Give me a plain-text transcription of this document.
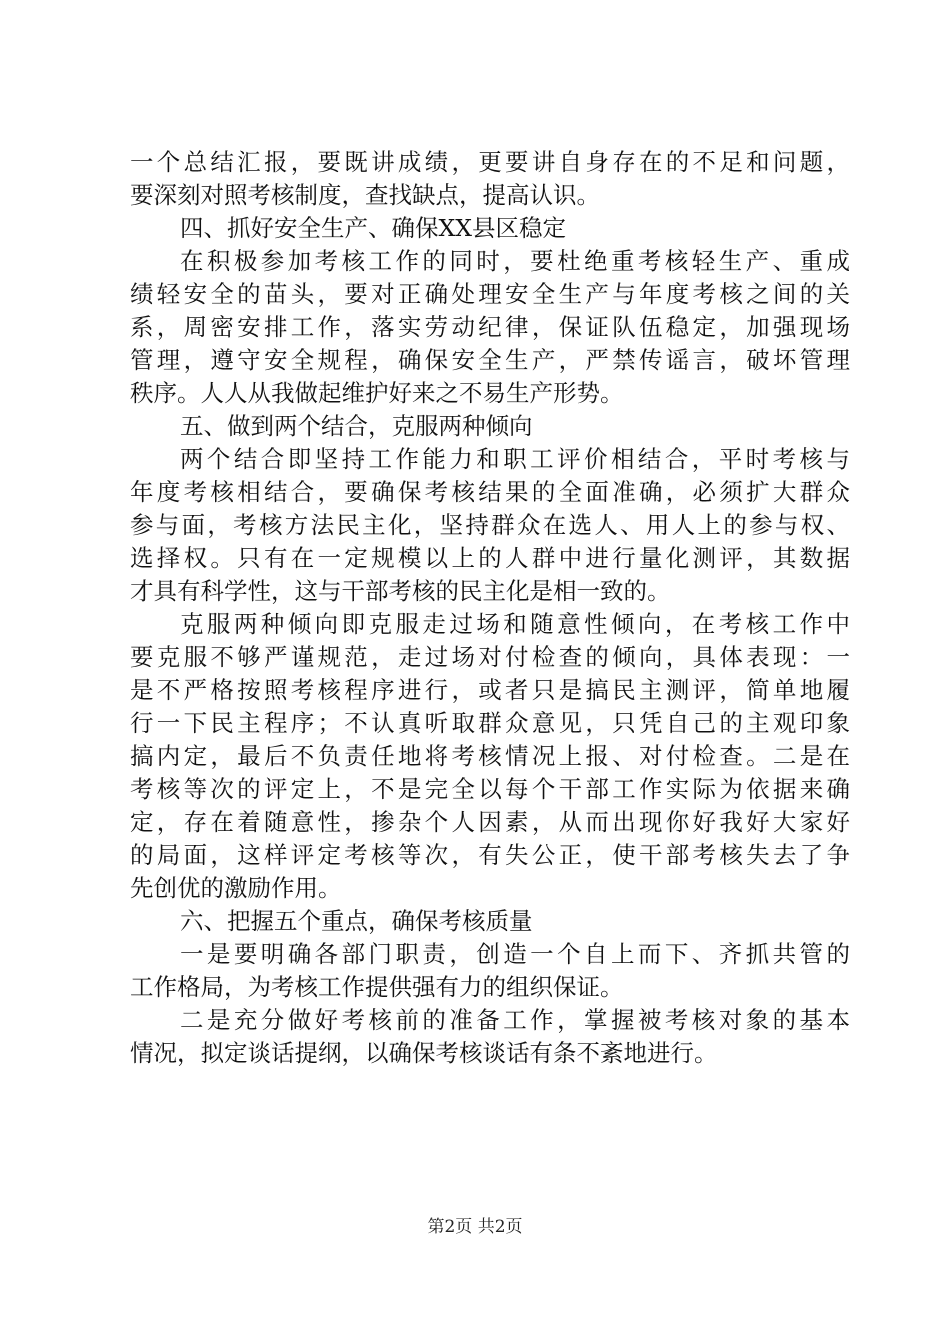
一个总结汇报，要既讲成绩，更要讲自身存在的不足和问题，
要深刻对照考核制度，查找缺点，提高认识。
四、抓好安全生产、确保XX县区稳定
在积极参加考核工作的同时，要杜绝重考核轻生产、重成
绩轻安全的苗头，要对正确处理安全生产与年度考核之间的关
系，周密安排工作，落实劳动纪律，保证队伍稳定，加强现场
管理，遵守安全规程，确保安全生产，严禁传谣言，破坏管理
秩序。人人从我做起维护好来之不易生产形势。
五、做到两个结合，克服两种倾向
两个结合即坚持工作能力和职工评价相结合，平时考核与
年度考核相结合，要确保考核结果的全面准确，必须扩大群众
参与面，考核方法民主化，坚持群众在选人、用人上的参与权、
选择权。只有在一定规模以上的人群中进行量化测评，其数据
才具有科学性，这与干部考核的民主化是相一致的。
克服两种倾向即克服走过场和随意性倾向，在考核工作中
要克服不够严谨规范，走过场对付检查的倾向，具体表现：一
是不严格按照考核程序进行，或者只是搞民主测评，简单地履
行一下民主程序；不认真听取群众意见，只凭自己的主观印象
搞内定，最后不负责任地将考核情况上报、对付检查。二是在
考核等次的评定上，不是完全以每个干部工作实际为依据来确
定，存在着随意性，掺杂个人因素，从而出现你好我好大家好
的局面，这样评定考核等次，有失公正，使干部考核失去了争
先创优的激励作用。
六、把握五个重点，确保考核质量
一是要明确各部门职责，创造一个自上而下、齐抓共管的
工作格局，为考核工作提供强有力的组织保证。
二是充分做好考核前的准备工作，掌握被考核对象的基本
情况，拟定谈话提纲，以确保考核谈话有条不紊地进行。
第2页 共2页
